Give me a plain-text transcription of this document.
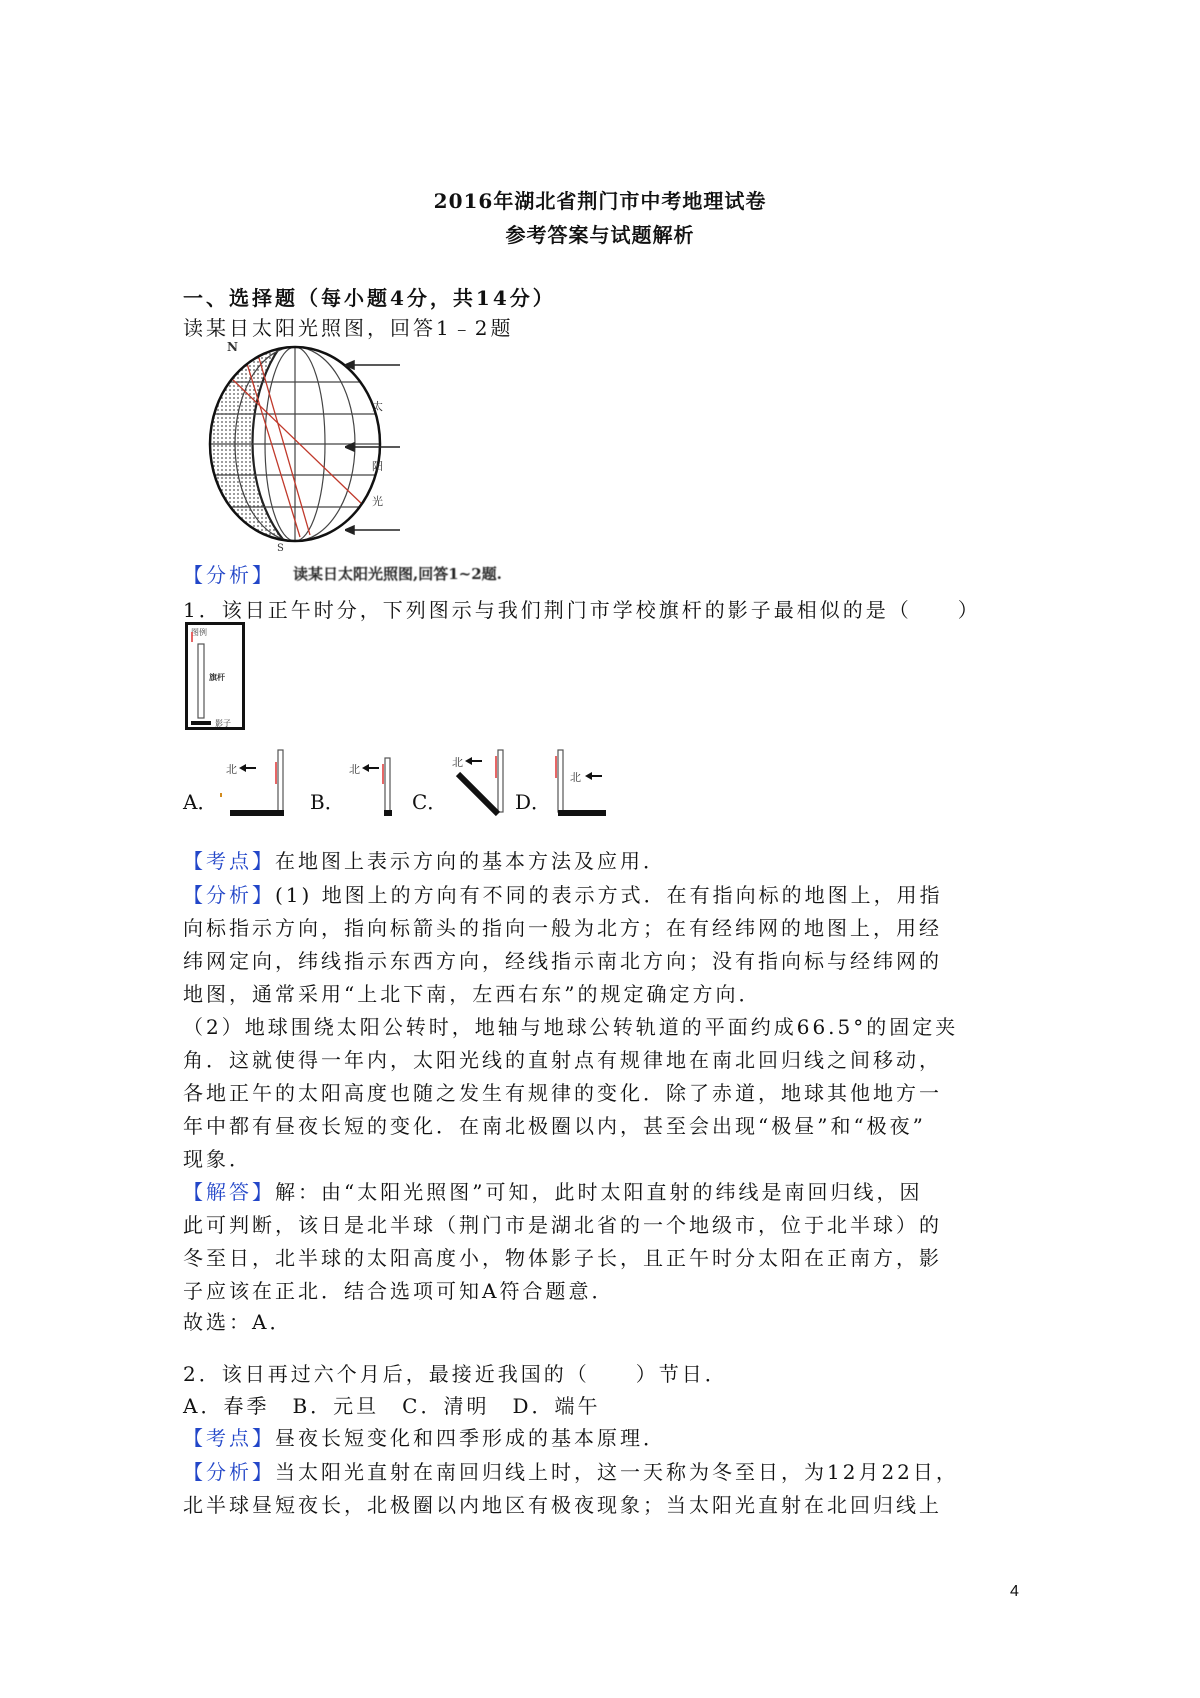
2016年湖北省荆门市中考地理试卷
参考答案与试题解析
一、选择题（每小题4分，共14分）
读某日太阳光照图，回答1﹣2题
N
S
太
阳
光
【分析】 读某日太阳光照图,回答1~2题.
1．该日正午时分，下列图示与我们荆门市学校旗杆的影子最相似的是（　　）
图例
旗杆
影子
A．
北
B．
北
C．
北
D．
北
【考点】在地图上表示方向的基本方法及应用．
【分析】(1) 地图上的方向有不同的表示方式．在有指向标的地图上，用指
向标指示方向，指向标箭头的指向一般为北方；在有经纬网的地图上，用经
纬网定向，纬线指示东西方向，经线指示南北方向；没有指向标与经纬网的
地图，通常采用“上北下南，左西右东”的规定确定方向．
（2）地球围绕太阳公转时，地轴与地球公转轨道的平面约成66.5°的固定夹
角．这就使得一年内，太阳光线的直射点有规律地在南北回归线之间移动，
各地正午的太阳高度也随之发生有规律的变化．除了赤道，地球其他地方一
年中都有昼夜长短的变化．在南北极圈以内，甚至会出现“极昼”和“极夜”
现象．
【解答】解：由“太阳光照图”可知，此时太阳直射的纬线是南回归线，因
此可判断，该日是北半球（荆门市是湖北省的一个地级市，位于北半球）的
冬至日，北半球的太阳高度小，物体影子长，且正午时分太阳在正南方，影
子应该在正北．结合选项可知A符合题意．
故选：A．
2．该日再过六个月后，最接近我国的（　　）节日．
A．春季　B．元旦　C．清明　D．端午
【考点】昼夜长短变化和四季形成的基本原理．
【分析】当太阳光直射在南回归线上时，这一天称为冬至日，为12月22日，
北半球昼短夜长，北极圈以内地区有极夜现象；当太阳光直射在北回归线上
4
